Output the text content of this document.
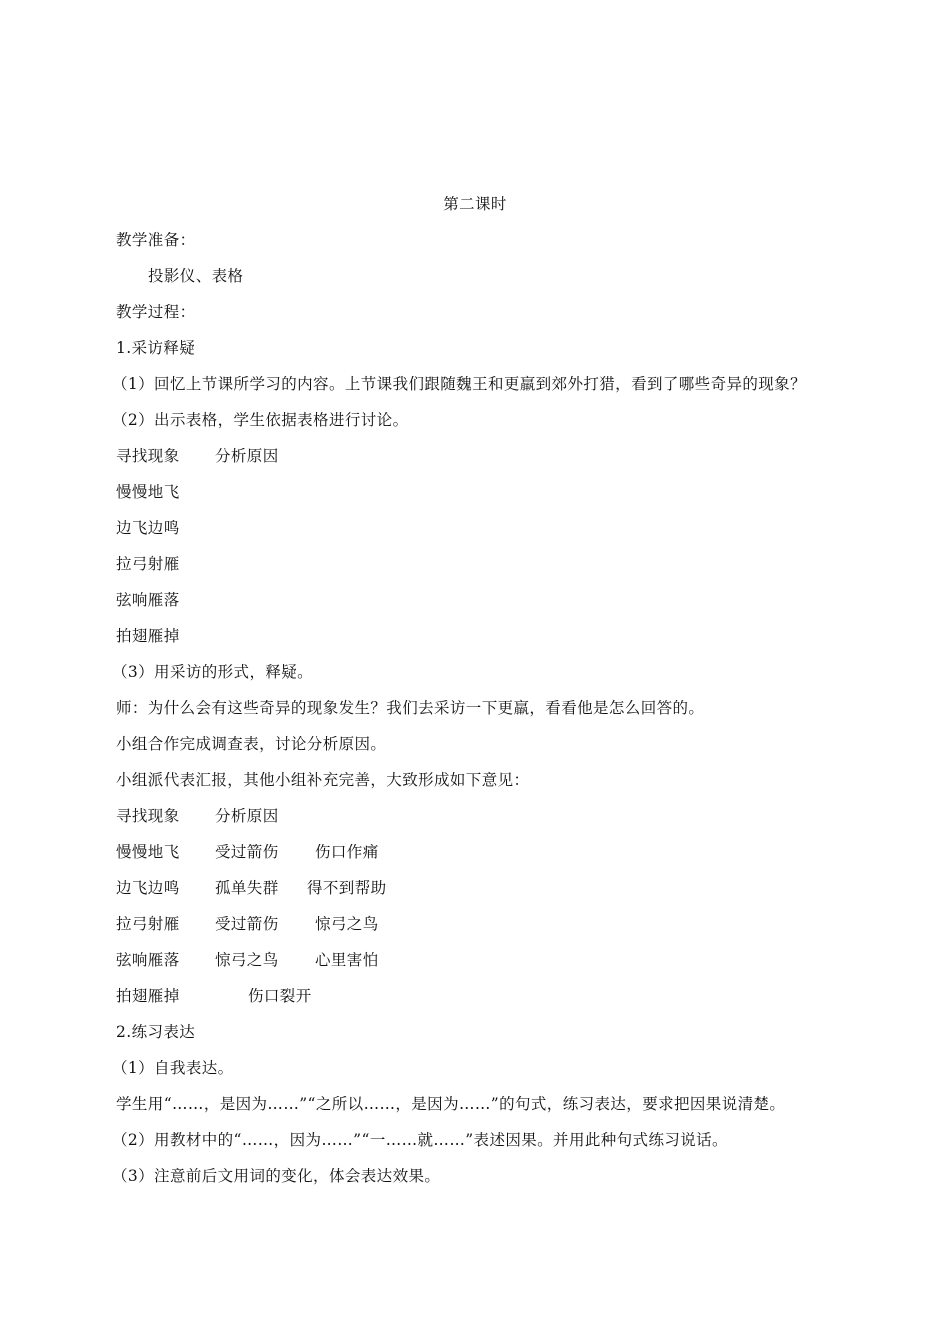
第二课时
教学准备：
投影仪、表格
教学过程：
1.采访释疑
（1）回忆上节课所学习的内容。上节课我们跟随魏王和更羸到郊外打猎，看到了哪些奇异的现象？
（2）出示表格，学生依据表格进行讨论。
寻找现象 分析原因
慢慢地飞
边飞边鸣
拉弓射雁
弦响雁落
拍翅雁掉
（3）用采访的形式，释疑。
师：为什么会有这些奇异的现象发生？我们去采访一下更羸，看看他是怎么回答的。
小组合作完成调查表，讨论分析原因。
小组派代表汇报，其他小组补充完善，大致形成如下意见：
寻找现象 分析原因
慢慢地飞 受过箭伤 伤口作痛
边飞边鸣 孤单失群 得不到帮助
拉弓射雁 受过箭伤 惊弓之鸟
弦响雁落 惊弓之鸟 心里害怕
拍翅雁掉	伤口裂开
2.练习表达
（1）自我表达。
学生用“……，是因为……”“之所以……，是因为……”的句式，练习表达，要求把因果说清楚。
（2）用教材中的“……，因为……”“一……就……”表述因果。并用此种句式练习说话。
（3）注意前后文用词的变化，体会表达效果。
